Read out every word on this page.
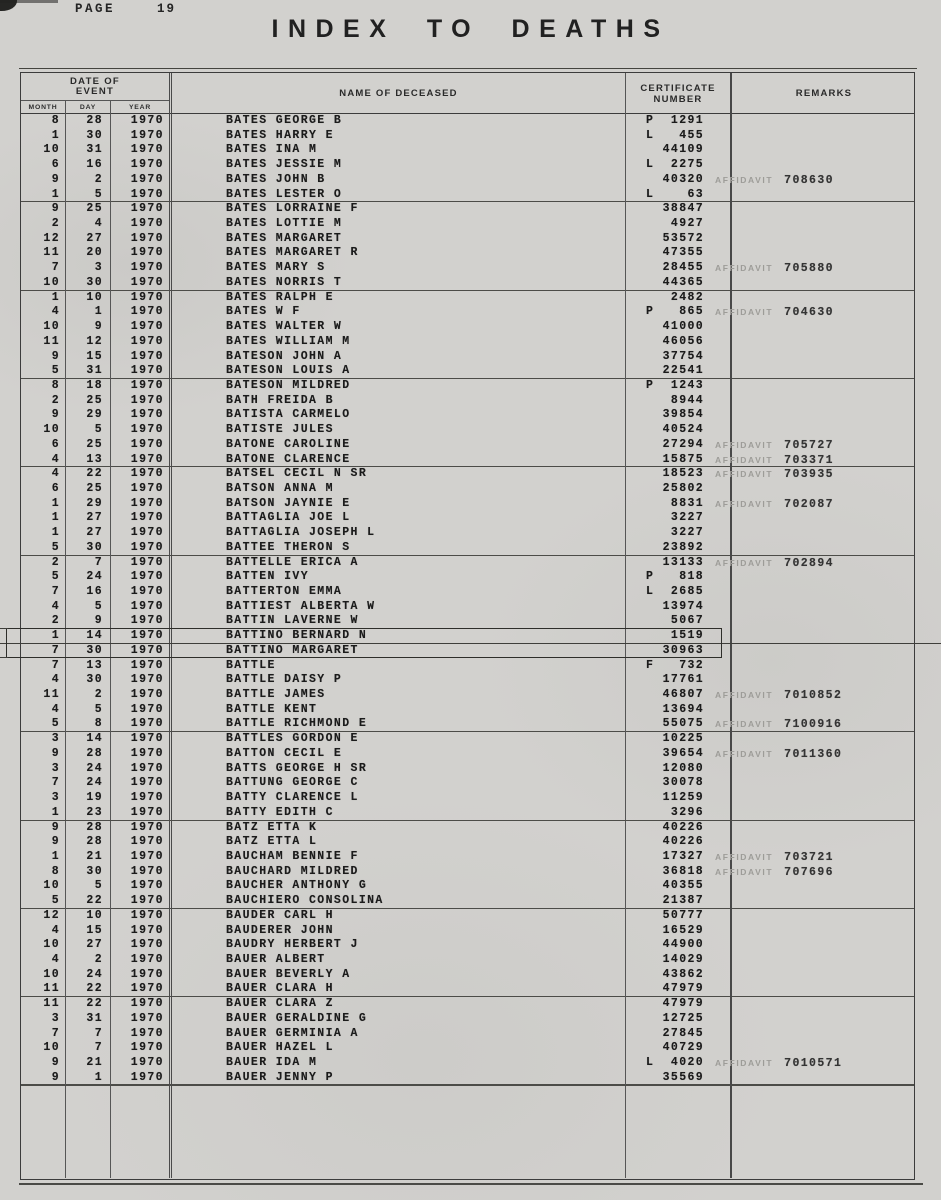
PAGE	19
INDEX TO DEATHS
DATE OF
EVENT
MONTH	DAY	YEAR
NAME OF DECEASED	CERTIFICATE
NUMBER	REMARKS
8	28	1970	BATES GEORGE B	P  1291
1	30	1970	BATES HARRY E	L   455
10	31	1970	BATES INA M	44109
6	16	1970	BATES JESSIE M	L  2275
9	2	1970	BATES JOHN B	40320	AFFIDAVIT 708630
1	5	1970	BATES LESTER O	L    63
9	25	1970	BATES LORRAINE F	38847
2	4	1970	BATES LOTTIE M	4927
12	27	1970	BATES MARGARET	53572
11	20	1970	BATES MARGARET R	47355
7	3	1970	BATES MARY S	28455	AFFIDAVIT 705880
10	30	1970	BATES NORRIS T	44365
1	10	1970	BATES RALPH E	2482
4	1	1970	BATES W F	P   865	AFFIDAVIT 704630
10	9	1970	BATES WALTER W	41000
11	12	1970	BATES WILLIAM M	46056
9	15	1970	BATESON JOHN A	37754
5	31	1970	BATESON LOUIS A	22541
8	18	1970	BATESON MILDRED	P  1243
2	25	1970	BATH FREIDA B	8944
9	29	1970	BATISTA CARMELO	39854
10	5	1970	BATISTE JULES	40524
6	25	1970	BATONE CAROLINE	27294	AFFIDAVIT 705727
4	13	1970	BATONE CLARENCE	15875	AFFIDAVIT 703371
4	22	1970	BATSEL CECIL N SR	18523	AFFIDAVIT 703935
6	25	1970	BATSON ANNA M	25802
1	29	1970	BATSON JAYNIE E	8831	AFFIDAVIT 702087
1	27	1970	BATTAGLIA JOE L	3227
1	27	1970	BATTAGLIA JOSEPH L	3227
5	30	1970	BATTEE THERON S	23892
2	7	1970	BATTELLE ERICA A	13133	AFFIDAVIT 702894
5	24	1970	BATTEN IVY	P   818
7	16	1970	BATTERTON EMMA	L  2685
4	5	1970	BATTIEST ALBERTA W	13974
2	9	1970	BATTIN LAVERNE W	5067
1	14	1970	BATTINO BERNARD N	1519
7	30	1970	BATTINO MARGARET	30963
7	13	1970	BATTLE	F   732
4	30	1970	BATTLE DAISY P	17761
11	2	1970	BATTLE JAMES	46807	AFFIDAVIT 7010852
4	5	1970	BATTLE KENT	13694
5	8	1970	BATTLE RICHMOND E	55075	AFFIDAVIT 7100916
3	14	1970	BATTLES GORDON E	10225
9	28	1970	BATTON CECIL E	39654	AFFIDAVIT 7011360
3	24	1970	BATTS GEORGE H SR	12080
7	24	1970	BATTUNG GEORGE C	30078
3	19	1970	BATTY CLARENCE L	11259
1	23	1970	BATTY EDITH C	3296
9	28	1970	BATZ ETTA K	40226
9	28	1970	BATZ ETTA L	40226
1	21	1970	BAUCHAM BENNIE F	17327	AFFIDAVIT 703721
8	30	1970	BAUCHARD MILDRED	36818	AFFIDAVIT 707696
10	5	1970	BAUCHER ANTHONY G	40355
5	22	1970	BAUCHIERO CONSOLINA	21387
12	10	1970	BAUDER CARL H	50777
4	15	1970	BAUDERER JOHN	16529
10	27	1970	BAUDRY HERBERT J	44900
4	2	1970	BAUER ALBERT	14029
10	24	1970	BAUER BEVERLY A	43862
11	22	1970	BAUER CLARA H	47979
11	22	1970	BAUER CLARA Z	47979
3	31	1970	BAUER GERALDINE G	12725
7	7	1970	BAUER GERMINIA A	27845
10	7	1970	BAUER HAZEL L	40729
9	21	1970	BAUER IDA M	L  4020	AFFIDAVIT 7010571
9	1	1970	BAUER JENNY P	35569
